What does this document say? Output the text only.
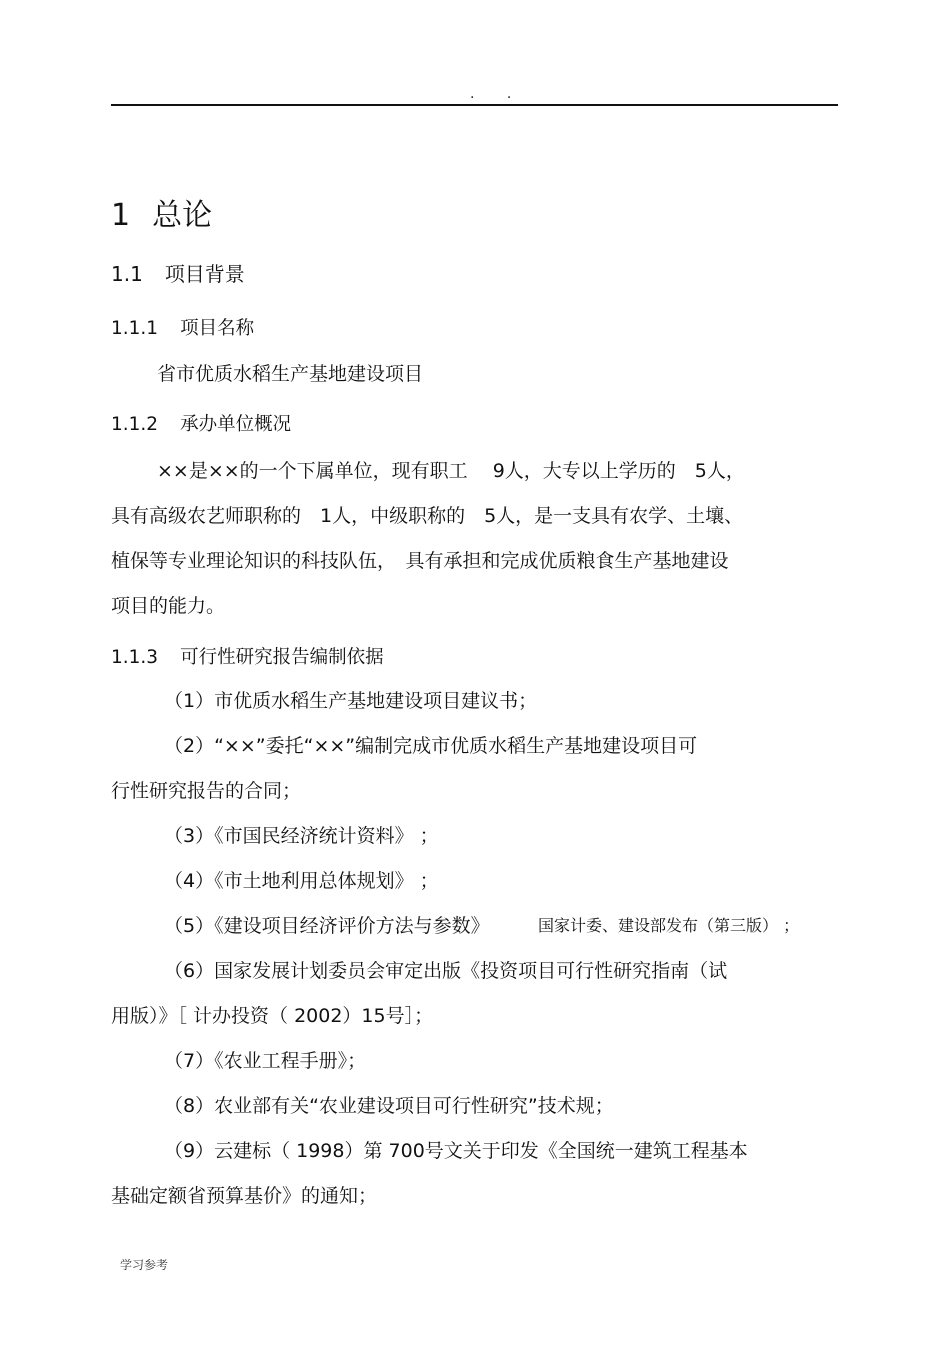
. .
1 总论
1.1 项目背景
1.1.1 项目名称
省市优质水稻生产基地建设项目
1.1.2 承办单位概况
××是××的一个下属单位，现有职工　 9人，大专以上学历的　5人，
具有高级农艺师职称的　1人，中级职称的　5人，是一支具有农学、土壤、
植保等专业理论知识的科技队伍，　具有承担和完成优质粮食生产基地建设
项目的能力。
1.1.3 可行性研究报告编制依据
（1）市优质水稻生产基地建设项目建议书；
（2）“××”委托“××”编制完成市优质水稻生产基地建设项目可
行性研究报告的合同；
（3）《市国民经济统计资料》 ；
（4）《市土地利用总体规划》 ；
（5）《建设项目经济评价方法与参数》	国家计委、建设部发布（第三版） ；
（6）国家发展计划委员会审定出版《投资项目可行性研究指南（试
用版）》［ 计办投资（ 2002）15号］；
（7）《农业工程手册》；
（8）农业部有关“农业建设项目可行性研究”技术规；
（9）云建标（ 1998）第 700号文关于印发《全国统一建筑工程基本
基础定额省预算基价》的通知；
学习参考
